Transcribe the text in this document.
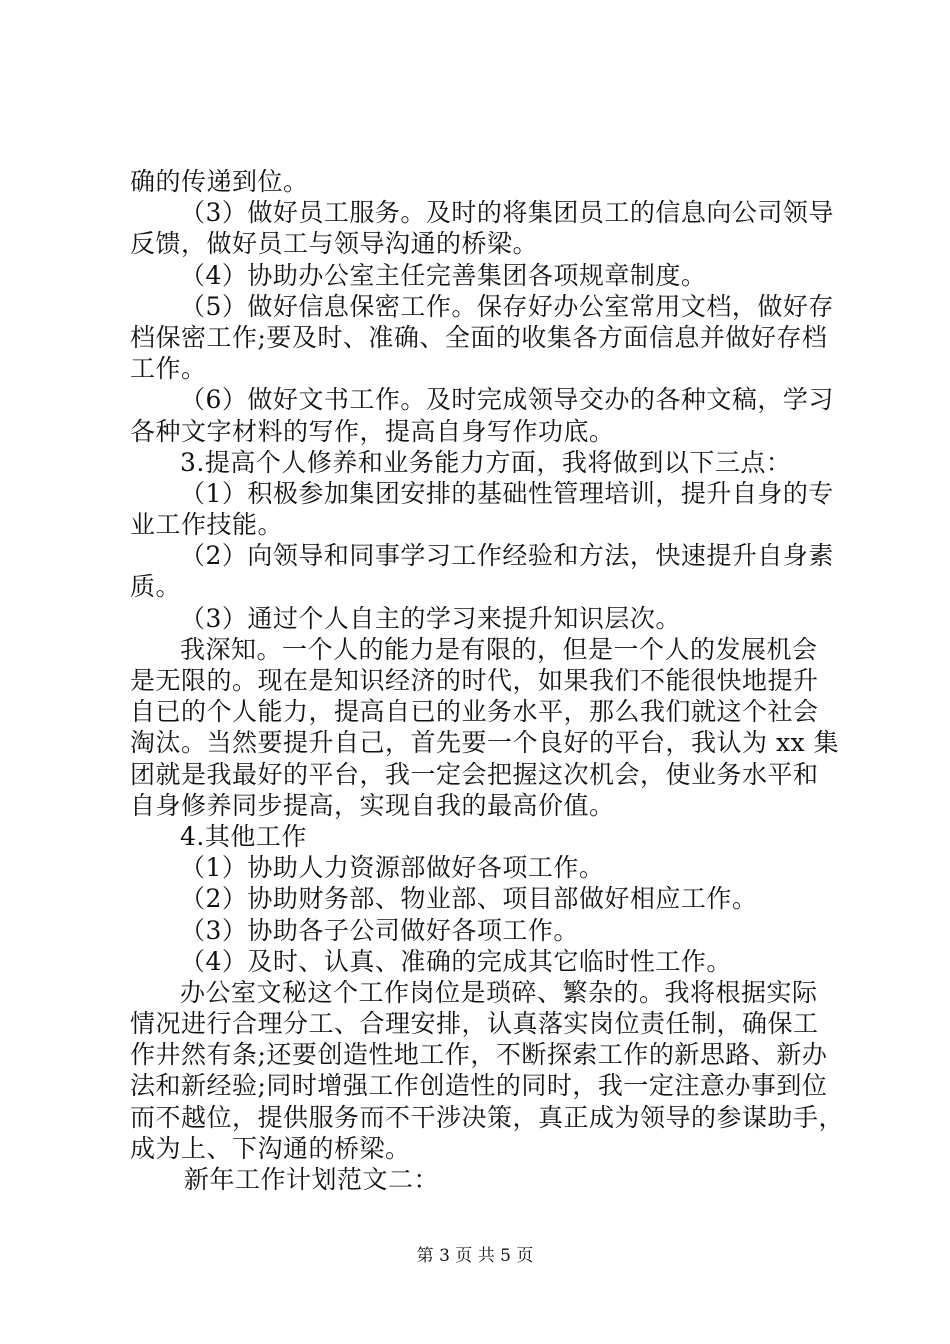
确的传递到位。
（3）做好员工服务。及时的将集团员工的信息向公司领导
反馈，做好员工与领导沟通的桥梁。
（4）协助办公室主任完善集团各项规章制度。
（5）做好信息保密工作。保存好办公室常用文档，做好存
档保密工作;要及时、准确、全面的收集各方面信息并做好存档
工作。
（6）做好文书工作。及时完成领导交办的各种文稿，学习
各种文字材料的写作，提高自身写作功底。
3.提高个人修养和业务能力方面，我将做到以下三点：
（1）积极参加集团安排的基础性管理培训，提升自身的专
业工作技能。
（2）向领导和同事学习工作经验和方法，快速提升自身素
质。
（3）通过个人自主的学习来提升知识层次。
我深知。一个人的能力是有限的，但是一个人的发展机会
是无限的。现在是知识经济的时代，如果我们不能很快地提升
自已的个人能力，提高自已的业务水平，那么我们就这个社会
淘汰。当然要提升自己，首先要一个良好的平台，我认为 xx 集
团就是我最好的平台，我一定会把握这次机会，使业务水平和
自身修养同步提高，实现自我的最高价值。
4.其他工作
（1）协助人力资源部做好各项工作。
（2）协助财务部、物业部、项目部做好相应工作。
（3）协助各子公司做好各项工作。
（4）及时、认真、准确的完成其它临时性工作。
办公室文秘这个工作岗位是琐碎、繁杂的。我将根据实际
情况进行合理分工、合理安排，认真落实岗位责任制，确保工
作井然有条;还要创造性地工作，不断探索工作的新思路、新办
法和新经验;同时增强工作创造性的同时，我一定注意办事到位
而不越位，提供服务而不干涉决策，真正成为领导的参谋助手，
成为上、下沟通的桥梁。
新年工作计划范文二：
第 3 页 共 5 页
